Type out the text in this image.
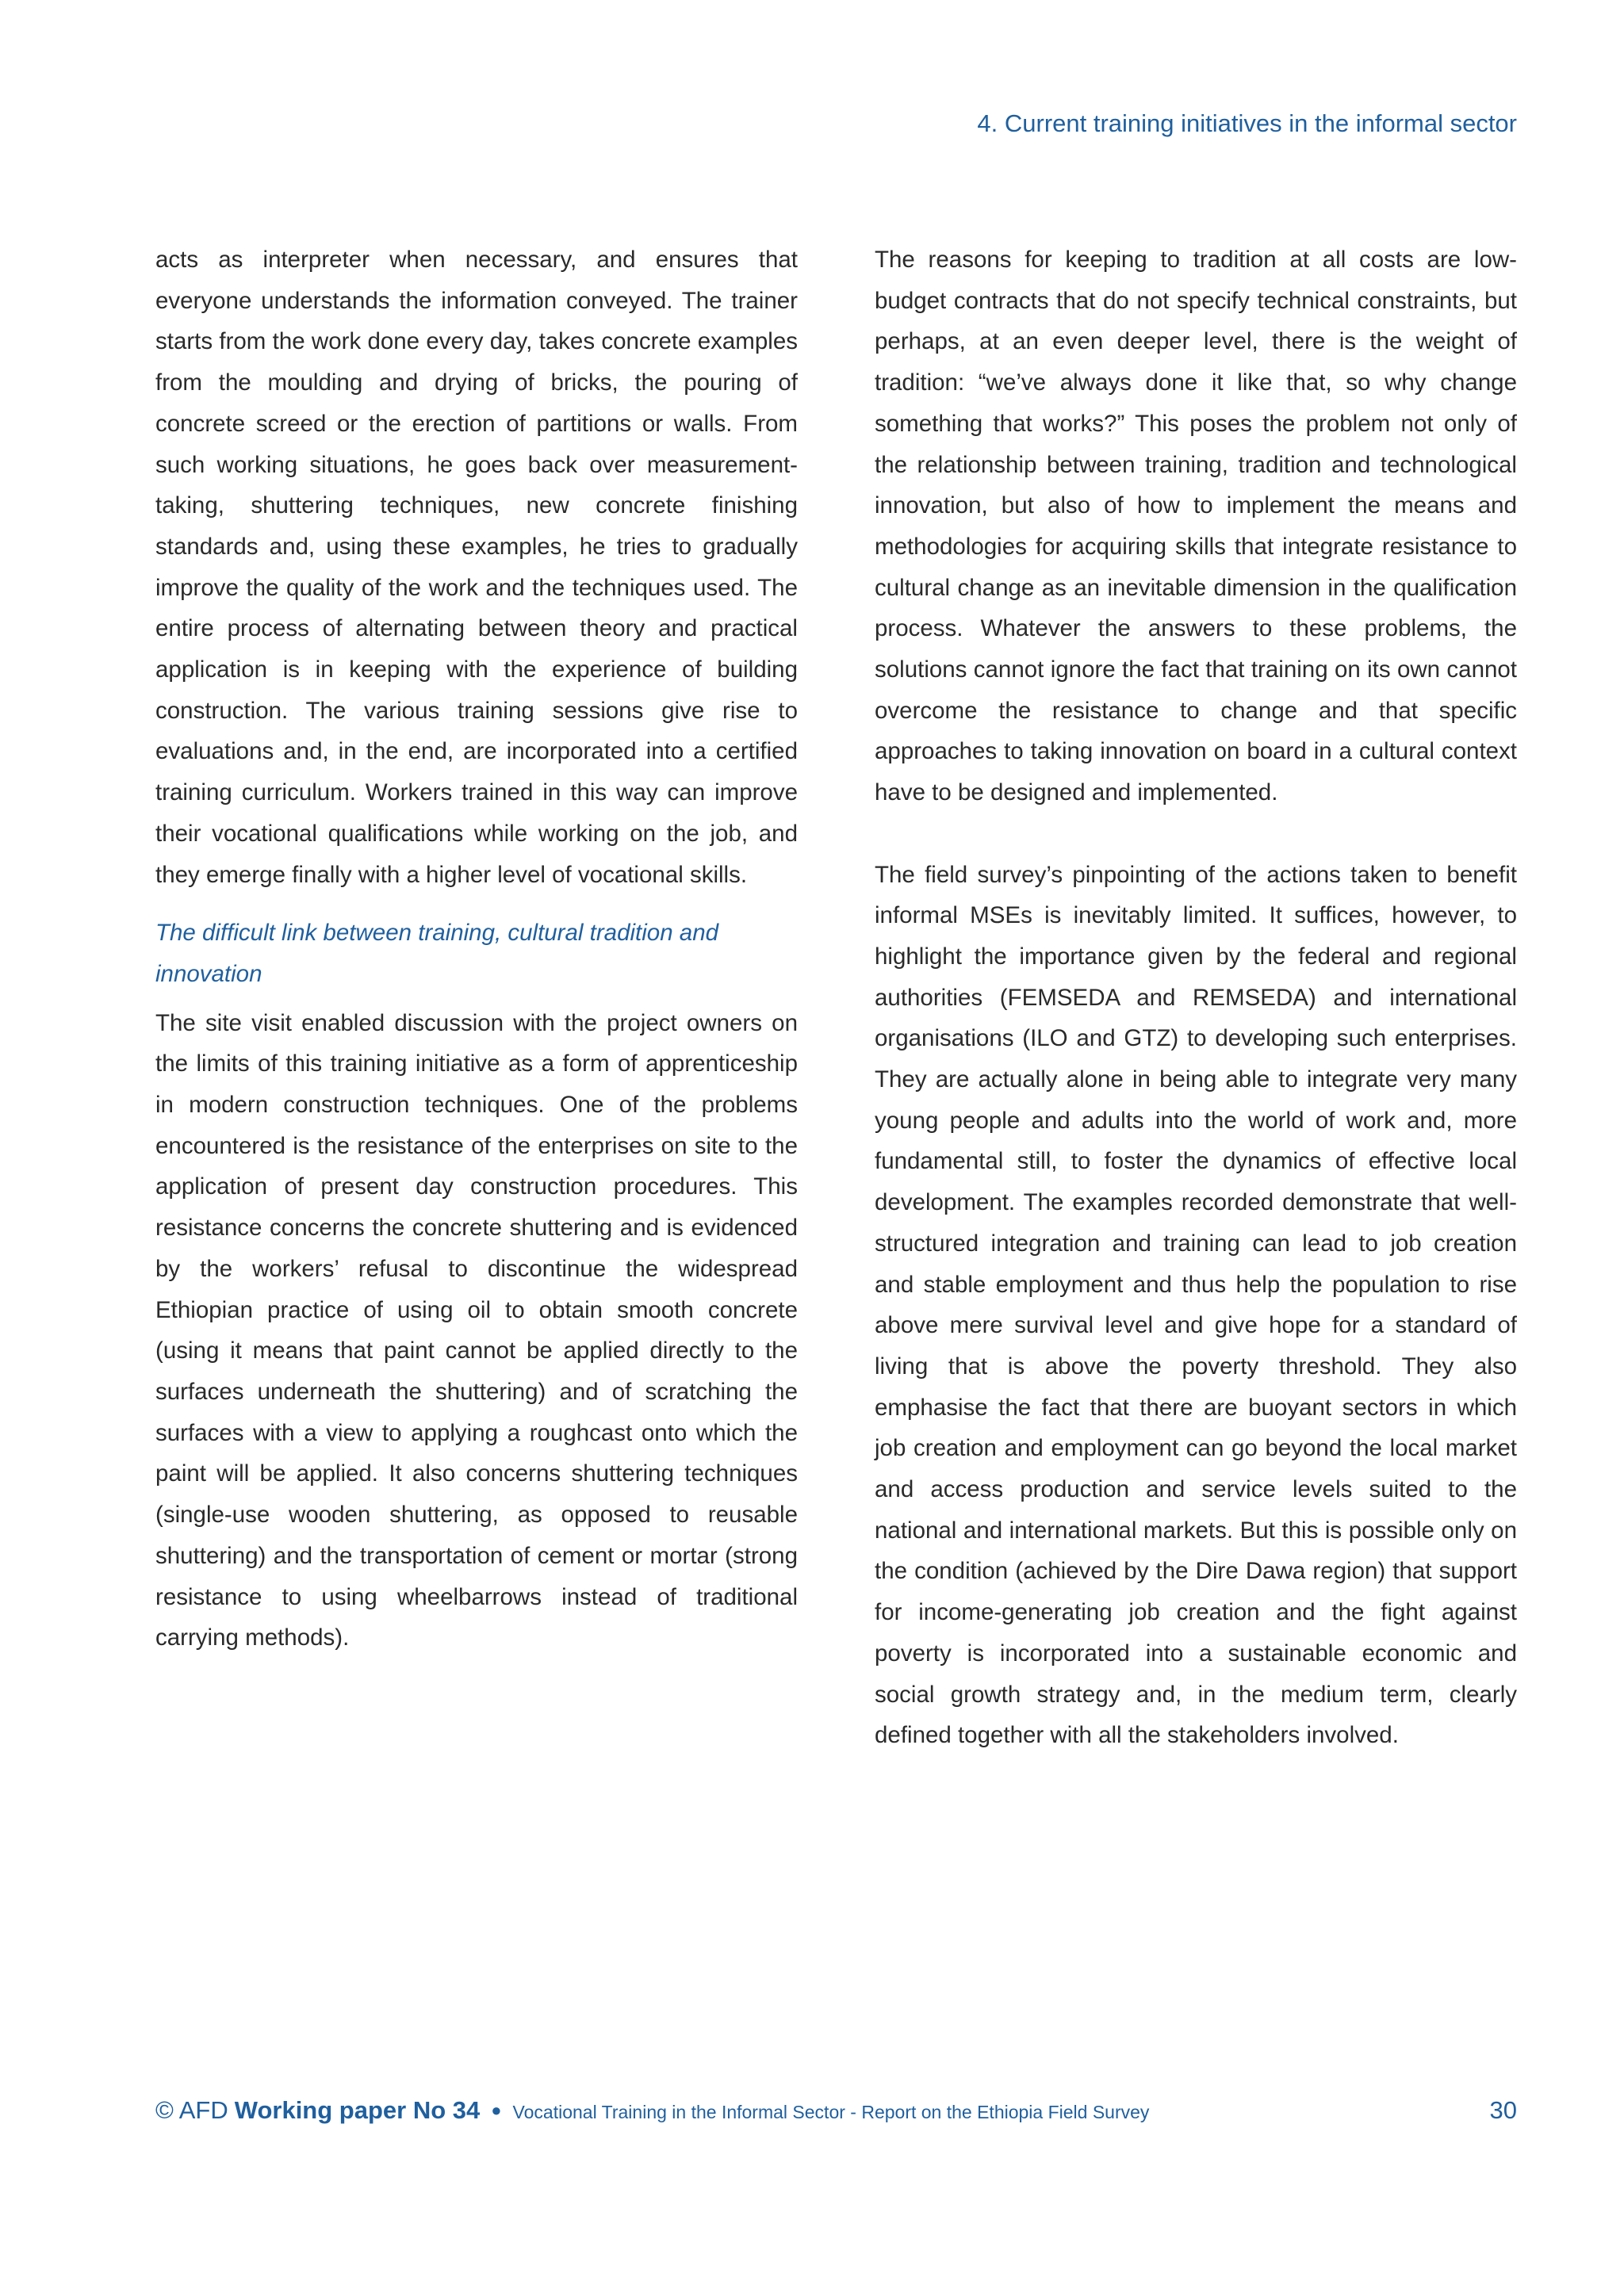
4. Current training initiatives in the informal sector

acts as interpreter when necessary, and ensures that everyone understands the information conveyed. The trainer starts from the work done every day, takes concrete examples from the moulding and drying of bricks, the pouring of concrete screed or the erection of partitions or walls. From such working situations, he goes back over measurement-taking, shuttering techniques, new concrete finishing standards and, using these examples, he tries to gradually improve the quality of the work and the techniques used. The entire process of alternating between theory and practical application is in keeping with the experience of building construction. The various training sessions give rise to evaluations and, in the end, are incorporated into a certified training curriculum. Workers trained in this way can improve their vocational qualifications while working on the job, and they emerge finally with a higher level of vocational skills.

The difficult link between training, cultural tradition and innovation

The site visit enabled discussion with the project owners on the limits of this training initiative as a form of apprenticeship in modern construction techniques. One of the problems encountered is the resistance of the enterprises on site to the application of present day construction procedures. This resistance concerns the concrete shuttering and is evidenced by the workers’ refusal to discontinue the widespread Ethiopian practice of using oil to obtain smooth concrete (using it means that paint cannot be applied directly to the surfaces underneath the shuttering) and of scratching the surfaces with a view to applying a roughcast onto which the paint will be applied. It also concerns shuttering techniques (single-use wooden shuttering, as opposed to reusable shuttering) and the transportation of cement or mortar (strong resistance to using wheelbarrows instead of traditional carrying methods).

The reasons for keeping to tradition at all costs are low-budget contracts that do not specify technical constraints, but perhaps, at an even deeper level, there is the weight of tradition: “we’ve always done it like that, so why change something that works?” This poses the problem not only of the relationship between training, tradition and technological innovation, but also of how to implement the means and methodologies for acquiring skills that integrate resistance to cultural change as an inevitable dimension in the qualification process. Whatever the answers to these problems, the solutions cannot ignore the fact that training on its own cannot overcome the resistance to change and that specific approaches to taking innovation on board in a cultural context have to be designed and implemented.

The field survey’s pinpointing of the actions taken to benefit informal MSEs is inevitably limited. It suffices, however, to highlight the importance given by the federal and regional authorities (FEMSEDA and REMSEDA) and international organisations (ILO and GTZ) to developing such enterprises. They are actually alone in being able to integrate very many young people and adults into the world of work and, more fundamental still, to foster the dynamics of effective local development. The examples recorded demonstrate that well-structured integration and training can lead to job creation and stable employment and thus help the population to rise above mere survival level and give hope for a standard of living that is above the poverty threshold. They also emphasise the fact that there are buoyant sectors in which job creation and employment can go beyond the local market and access production and service levels suited to the national and international markets. But this is possible only on the condition (achieved by the Dire Dawa region) that support for income-generating job creation and the fight against poverty is incorporated into a sustainable economic and social growth strategy and, in the medium term, clearly defined together with all the stakeholders involved.

© AFD Working paper No 34 ● Vocational Training in the Informal Sector - Report on the Ethiopia Field Survey	30
